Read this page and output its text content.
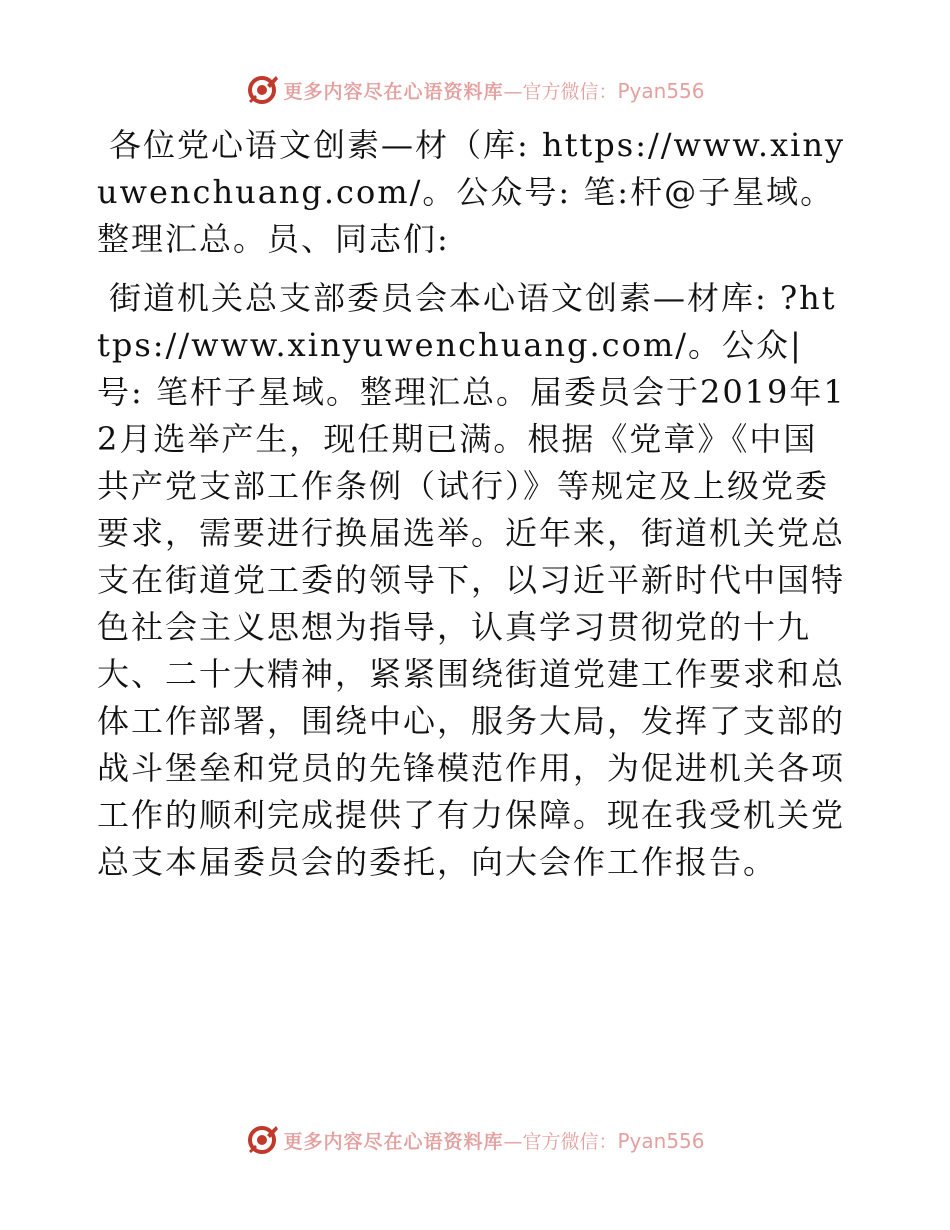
更多内容尽在心语资料库 — 官方微信： Pyan556

各位党心语文创素—材（库: https://www.xinyuwenchuang.com/。公众号: 笔:杆@子星域。整理汇总。员、同志们:

街道机关总支部委员会本心语文创素—材库: ?https://www.xinyuwenchuang.com/。公众|号: 笔杆子星域。整理汇总。届委员会于2019年12月选举产生，现任期已满。根据《党章》《中国共产党支部工作条例（试行）》等规定及上级党委要求，需要进行换届选举。近年来，街道机关党总支在街道党工委的领导下，以习近平新时代中国特色社会主义思想为指导，认真学习贯彻党的十九大、二十大精神，紧紧围绕街道党建工作要求和总体工作部署，围绕中心，服务大局，发挥了支部的战斗堡垒和党员的先锋模范作用，为促进机关各项工作的顺利完成提供了有力保障。现在我受机关党总支本届委员会的委托，向大会作工作报告。

更多内容尽在心语资料库 — 官方微信： Pyan556
